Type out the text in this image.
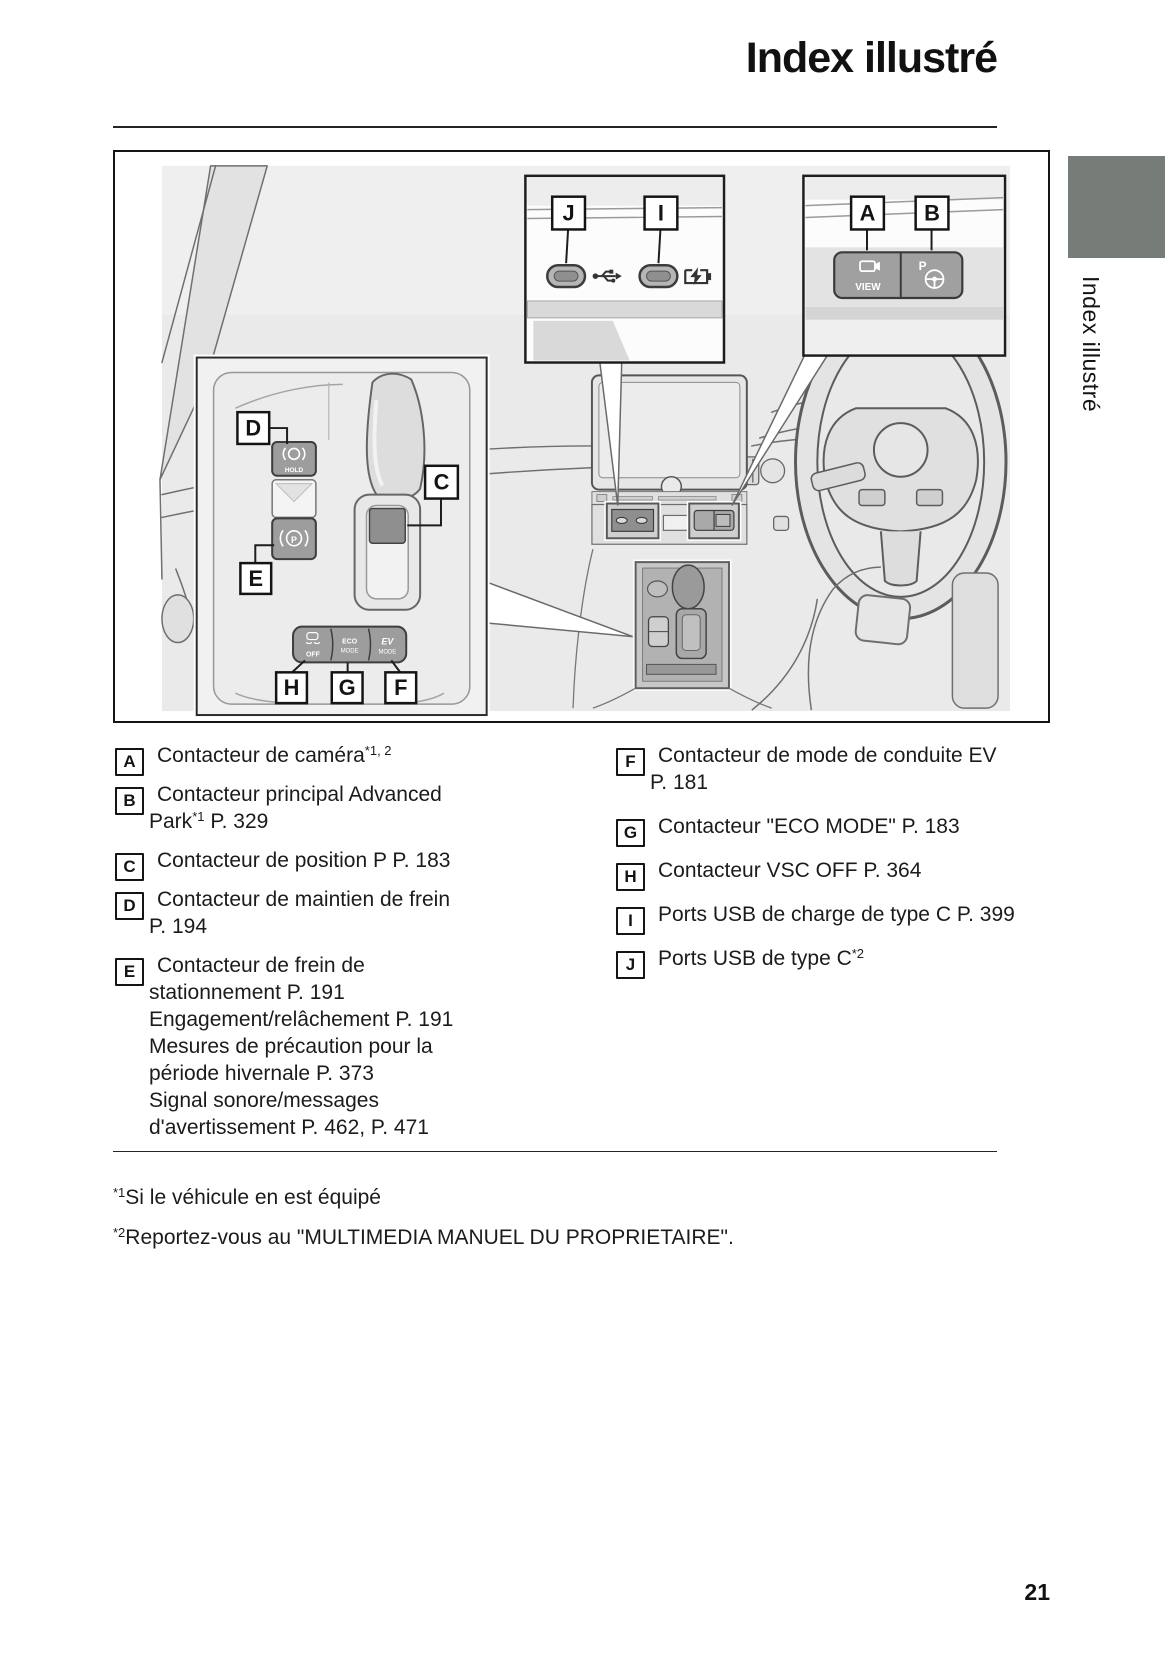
Index illustré
Index illustré
J	I
VIEW
P
A B
HOLD
P
OFF
ECO
MODE
EV
MODE
D
E
C
H G F
A Contacteur de caméra$^{*1, 2}$
B Contacteur principal Advanced
Park$^{*1}$ P. 329
C Contacteur de position P P. 183
D Contacteur de maintien de frein
P. 194
E Contacteur de frein de
stationnement P. 191
Engagement/relâchement P. 191
Mesures de précaution pour la
période hivernale P. 373
Signal sonore/messages
d'avertissement P. 462, P. 471
F Contacteur de mode de conduite EV
P. 181
G Contacteur "ECO MODE" P. 183
H Contacteur VSC OFF P. 364
I Ports USB de charge de type C P. 399
J Ports USB de type $C^{*2}$
$^{*1}$Si le véhicule en est équipé
$^{*2}$Reportez-vous au "MULTIMEDIA MANUEL DU PROPRIETAIRE".
21
